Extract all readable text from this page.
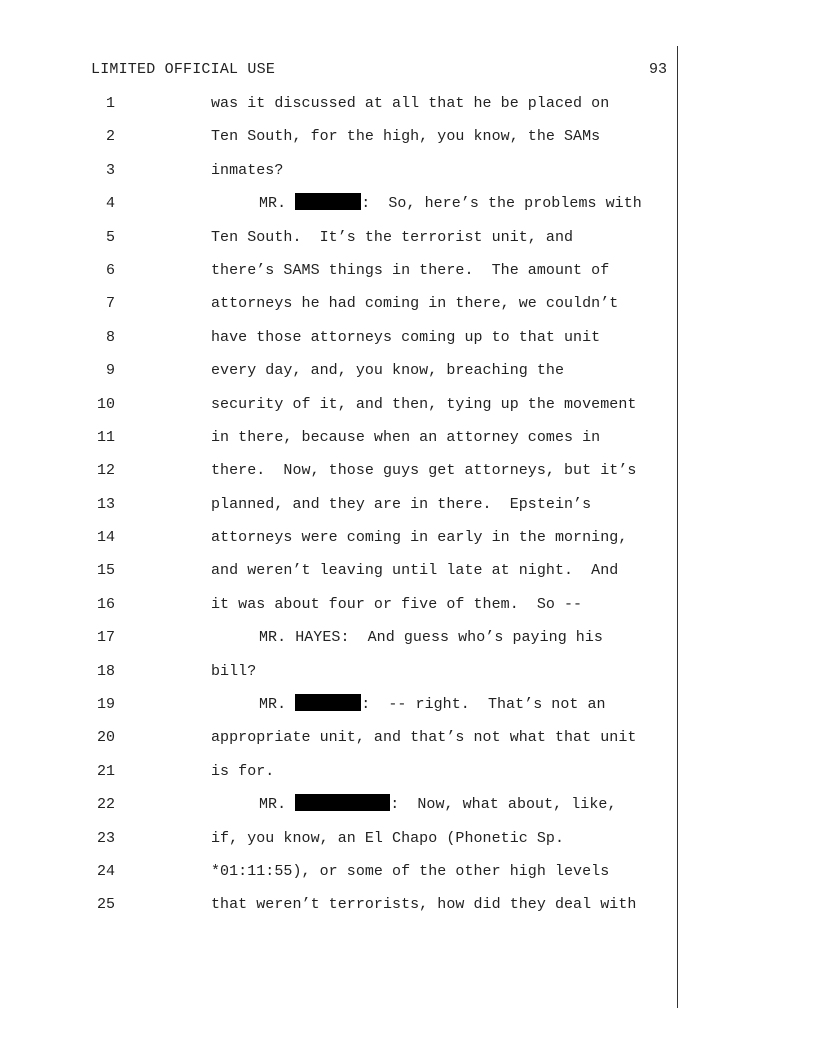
LIMITED OFFICIAL USE	93
1	was it discussed at all that he be placed on
2	Ten South, for the high, you know, the SAMs
3	inmates?
4	MR.	:  So, here’s the problems with
5	Ten South.  It’s the terrorist unit, and
6	there’s SAMS things in there.  The amount of
7	attorneys he had coming in there, we couldn’t
8	have those attorneys coming up to that unit
9	every day, and, you know, breaching the
10	security of it, and then, tying up the movement
11	in there, because when an attorney comes in
12	there.  Now, those guys get attorneys, but it’s
13	planned, and they are in there.  Epstein’s
14	attorneys were coming in early in the morning,
15	and weren’t leaving until late at night.  And
16	it was about four or five of them.  So --
17	MR. HAYES:  And guess who’s paying his
18	bill?
19	MR.	:  -- right.  That’s not an
20	appropriate unit, and that’s not what that unit
21	is for.
22	MR.	:  Now, what about, like,
23	if, you know, an El Chapo (Phonetic Sp.
24	*01:11:55), or some of the other high levels
25	that weren’t terrorists, how did they deal with
